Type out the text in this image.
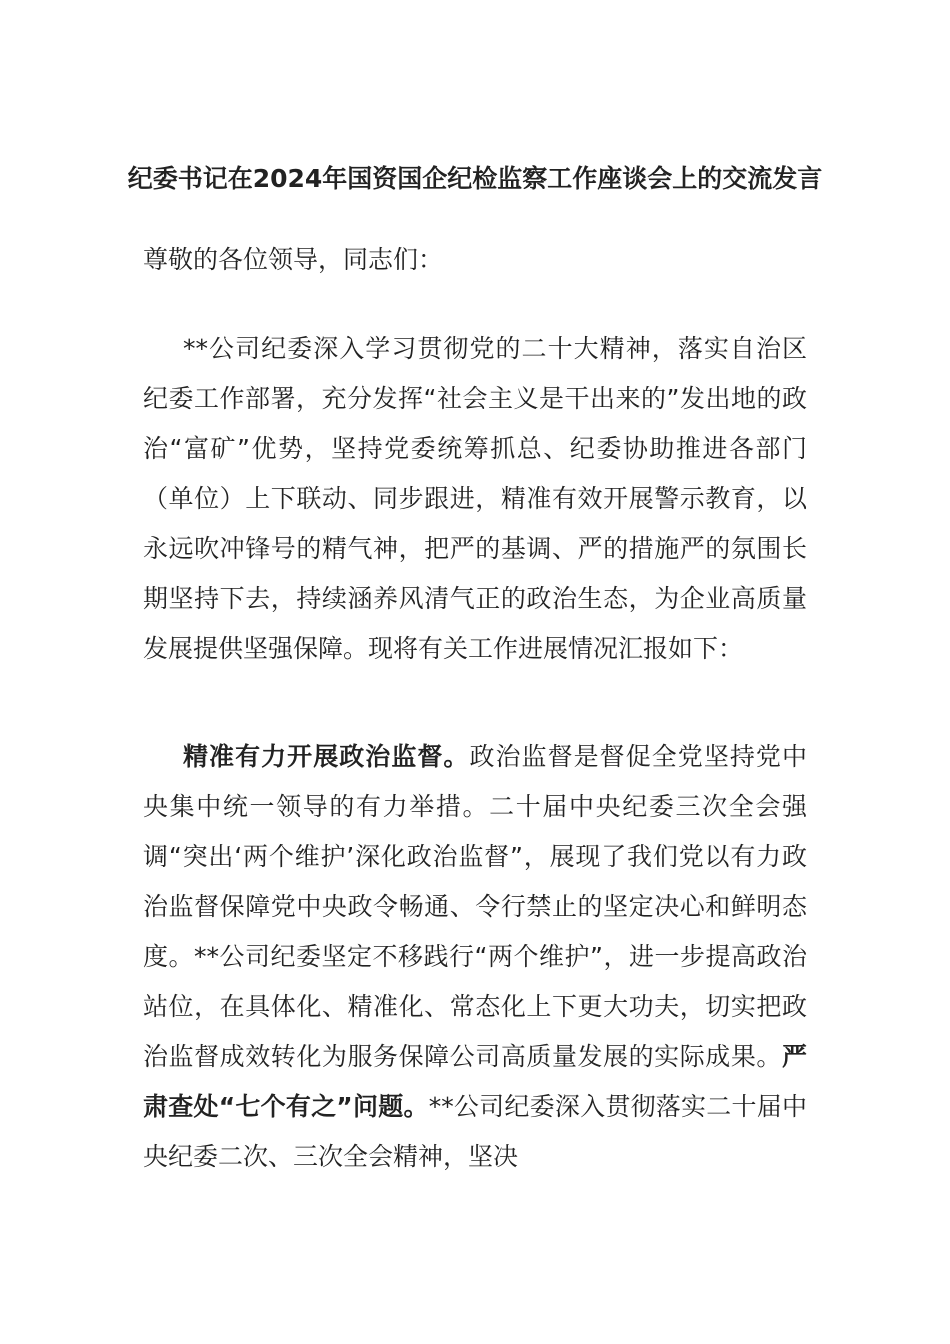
纪委书记在2024年国资国企纪检监察工作座谈会上的交流发言
尊敬的各位领导，同志们：

**公司纪委深入学习贯彻党的二十大精神，落实自治区纪委工作部署，充分发挥“社会主义是干出来的”发出地的政治“富矿”优势，坚持党委统筹抓总、纪委协助推进各部门（单位）上下联动、同步跟进，精准有效开展警示教育，以永远吹冲锋号的精气神，把严的基调、严的措施严的氛围长期坚持下去，持续涵养风清气正的政治生态，为企业高质量发展提供坚强保障。现将有关工作进展情况汇报如下：

精准有力开展政治监督。政治监督是督促全党坚持党中央集中统一领导的有力举措。二十届中央纪委三次全会强调“突出‘两个维护’深化政治监督”，展现了我们党以有力政治监督保障党中央政令畅通、令行禁止的坚定决心和鲜明态度。**公司纪委坚定不移践行“两个维护”，进一步提高政治站位，在具体化、精准化、常态化上下更大功夫，切实把政治监督成效转化为服务保障公司高质量发展的实际成果。严肃查处“七个有之”问题。**公司纪委深入贯彻落实二十届中央纪委二次、三次全会精神，坚决
